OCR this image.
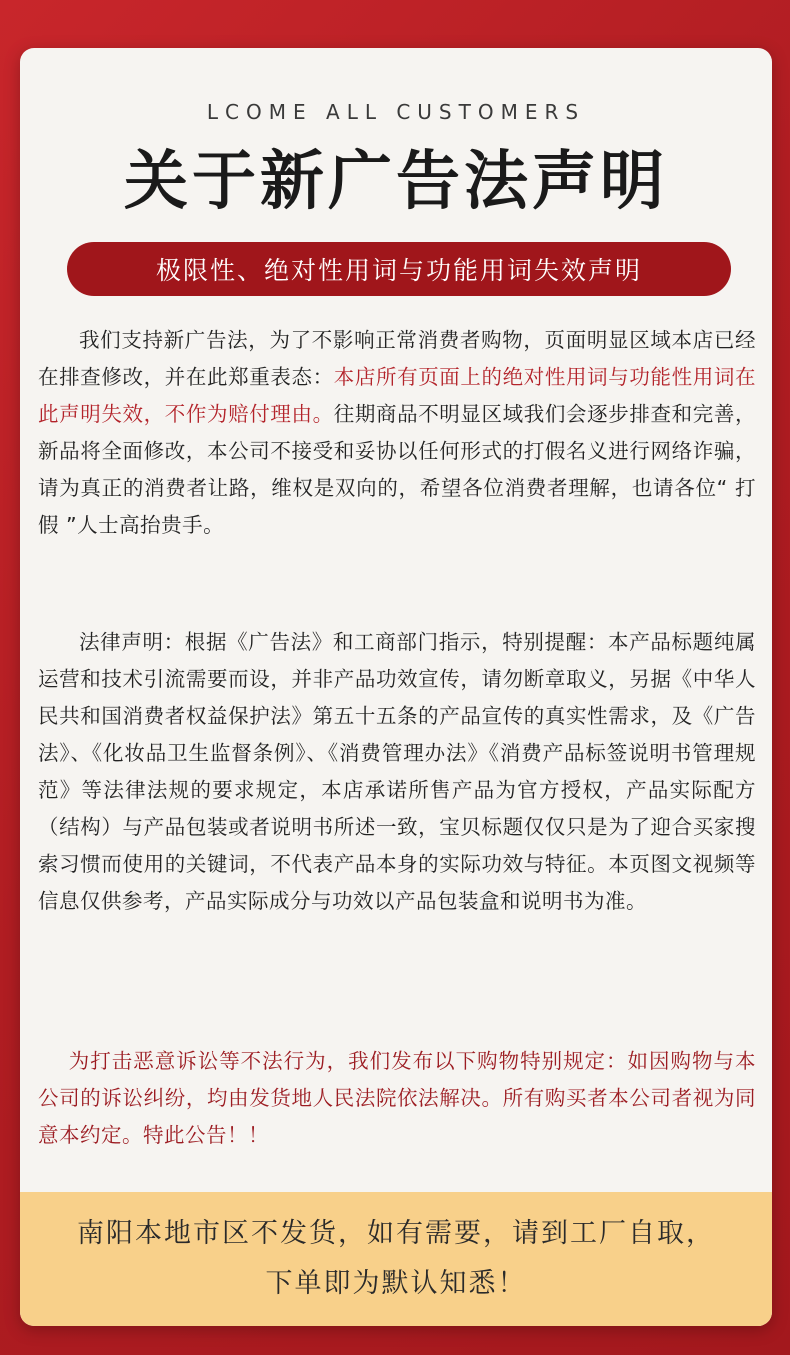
LCOME ALL CUSTOMERS
关于新广告法声明
极限性、绝对性用词与功能用词失效声明
我们支持新广告法，为了不影响正常消费者购物，页面明显区域本店已经在排查修改，并在此郑重表态：本店所有页面上的绝对性用词与功能性用词在此声明失效，不作为赔付理由。往期商品不明显区域我们会逐步排查和完善，新品将全面修改，本公司不接受和妥协以任何形式的打假名义进行网络诈骗，请为真正的消费者让路，维权是双向的，希望各位消费者理解，也请各位“ 打假 ”人士高抬贵手。
法律声明：根据《广告法》和工商部门指示，特别提醒：本产品标题纯属运营和技术引流需要而设，并非产品功效宣传，请勿断章取义，另据《中华人民共和国消费者权益保护法》第五十五条的产品宣传的真实性需求，及《广告法》、《化妆品卫生监督条例》、《消费管理办法》《消费产品标签说明书管理规范》等法律法规的要求规定，本店承诺所售产品为官方授权，产品实际配方（结构）与产品包装或者说明书所述一致，宝贝标题仅仅只是为了迎合买家搜索习惯而使用的关键词，不代表产品本身的实际功效与特征。本页图文视频等信息仅供参考，产品实际成分与功效以产品包装盒和说明书为准。
为打击恶意诉讼等不法行为，我们发布以下购物特别规定：如因购物与本公司的诉讼纠纷，均由发货地人民法院依法解决。所有购买者本公司者视为同意本约定。特此公告！！
南阳本地市区不发货，如有需要，请到工厂自取，
下单即为默认知悉！
